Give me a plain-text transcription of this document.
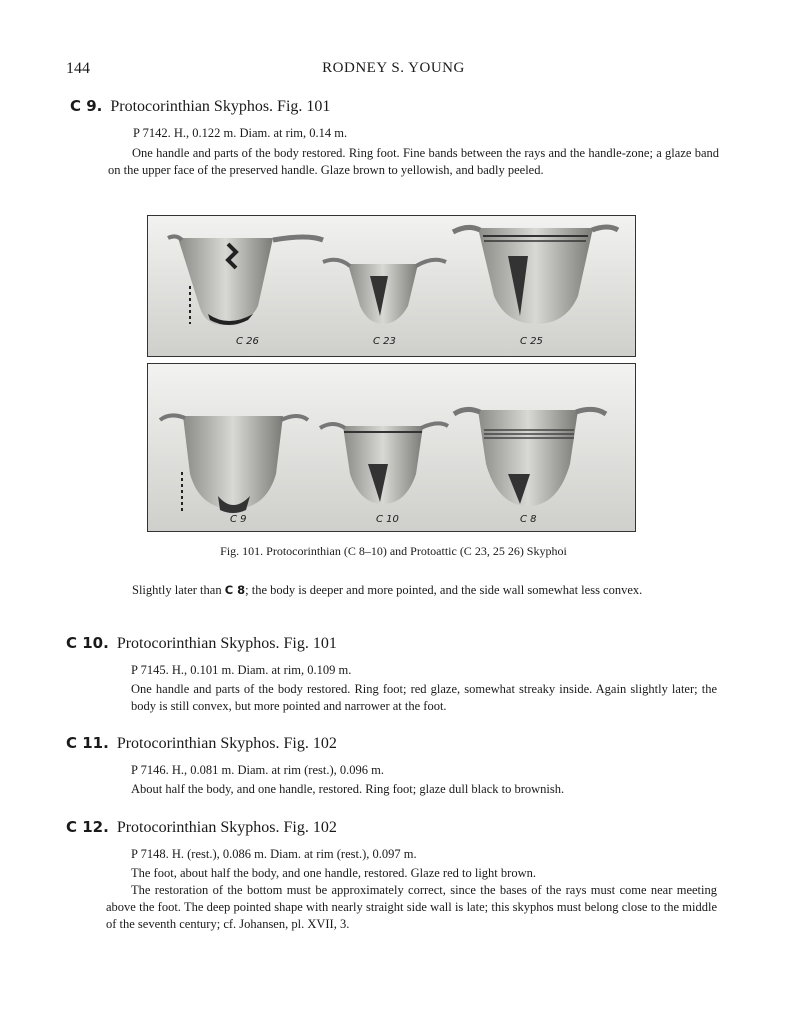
144	RODNEY S. YOUNG
C 9. Protocorinthian Skyphos. Fig. 101
P 7142. H., 0.122 m. Diam. at rim, 0.14 m.
One handle and parts of the body restored. Ring foot. Fine bands between the rays and the handle-zone; a glaze band on the upper face of the preserved handle. Glaze brown to yellowish, and badly peeled.
C 26	C 23	C 25
C 9	C 10	C 8
Fig. 101. Protocorinthian (C 8–10) and Protoattic (C 23, 25 26) Skyphoi
Slightly later than C 8; the body is deeper and more pointed, and the side wall somewhat less convex.
C 10. Protocorinthian Skyphos. Fig. 101
P 7145. H., 0.101 m. Diam. at rim, 0.109 m.
One handle and parts of the body restored. Ring foot; red glaze, somewhat streaky inside. Again slightly later; the body is still convex, but more pointed and narrower at the foot.
C 11. Protocorinthian Skyphos. Fig. 102
P 7146. H., 0.081 m. Diam. at rim (rest.), 0.096 m.
About half the body, and one handle, restored. Ring foot; glaze dull black to brownish.
C 12. Protocorinthian Skyphos. Fig. 102
P 7148. H. (rest.), 0.086 m. Diam. at rim (rest.), 0.097 m.
The foot, about half the body, and one handle, restored. Glaze red to light brown.
The restoration of the bottom must be approximately correct, since the bases of the rays must come near meeting above the foot. The deep pointed shape with nearly straight side wall is late; this skyphos must belong close to the middle of the seventh century; cf. Johansen, pl. XVII, 3.
